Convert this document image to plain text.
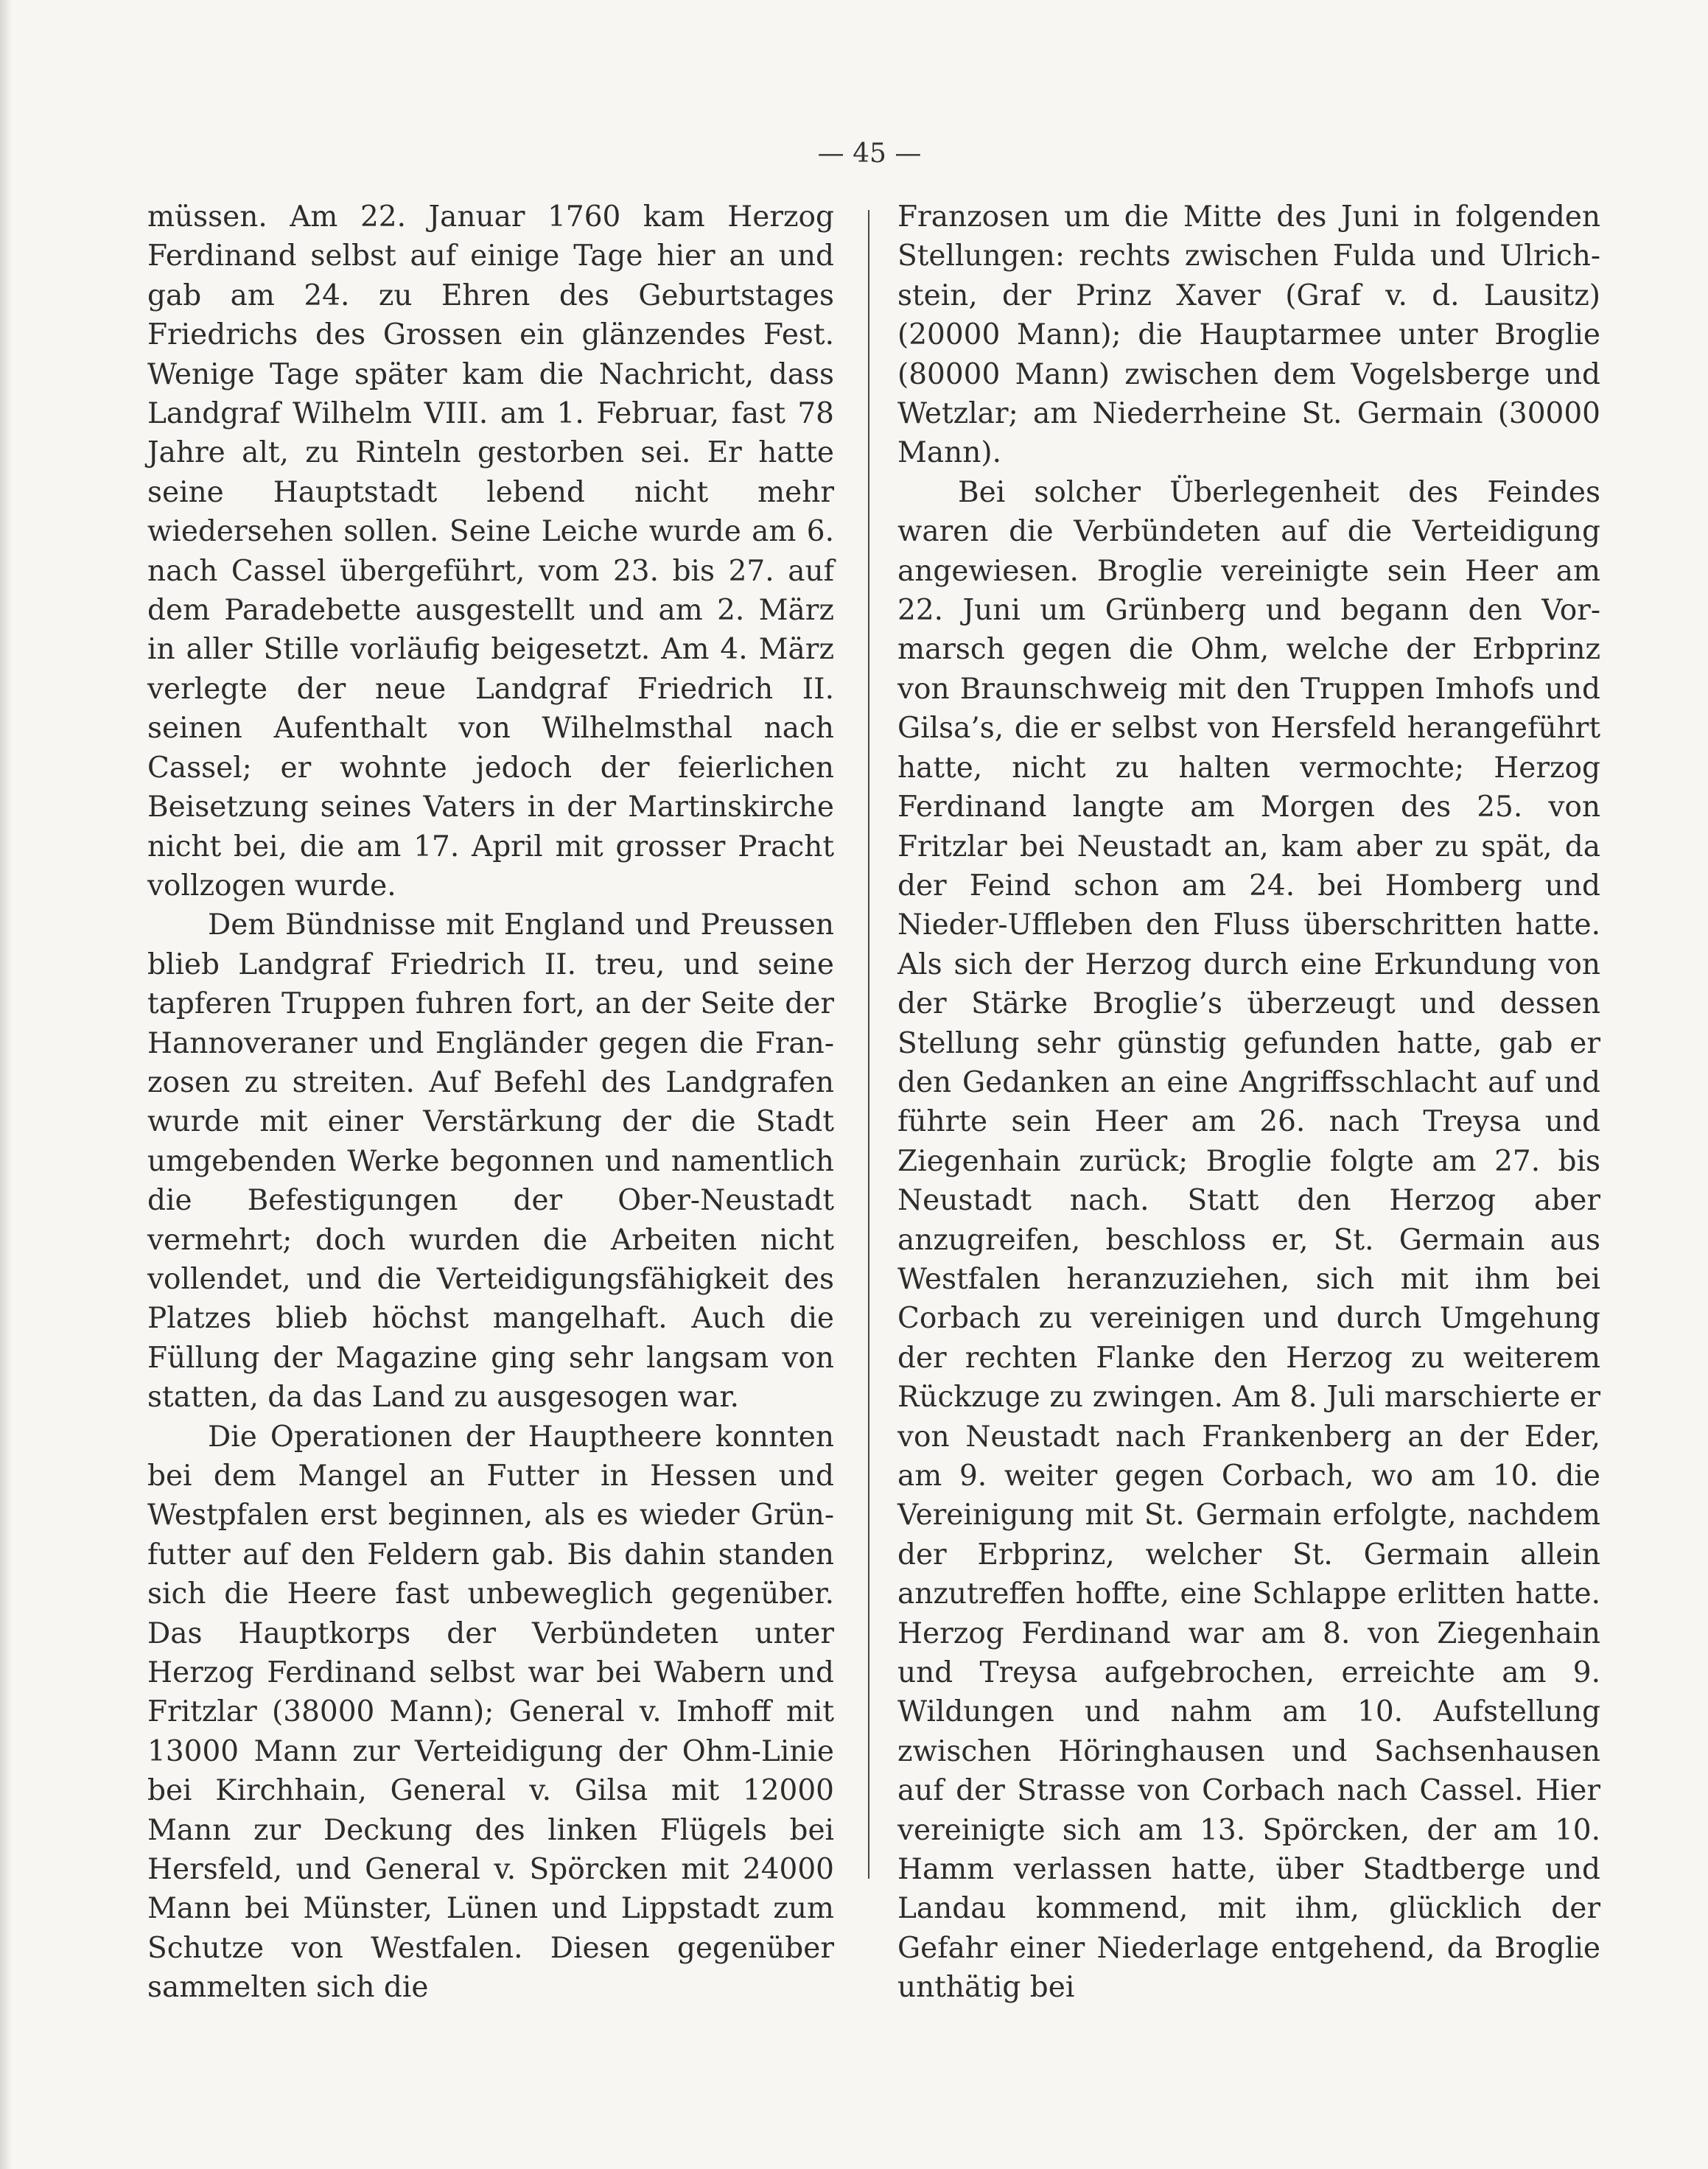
— 45 —

müssen. Am 22. Januar 1760 kam Herzog Ferdinand selbst auf einige Tage hier an und gab am 24. zu Ehren des Geburtstages Friedrichs des Grossen ein glänzendes Fest. Wenige Tage später kam die Nachricht, dass Landgraf Wilhelm VIII. am 1. Februar, fast 78 Jahre alt, zu Rinteln gestorben sei. Er hatte seine Hauptstadt lebend nicht mehr wiedersehen sollen. Seine Leiche wurde am 6. nach Cassel übergeführt, vom 23. bis 27. auf dem Paradebette ausgestellt und am 2. März in aller Stille vorläufig beigesetzt. Am 4. März verlegte der neue Landgraf Friedrich II. seinen Aufenthalt von Wilhelmsthal nach Cassel; er wohnte jedoch der feierlichen Beisetzung seines Vaters in der Martinskirche nicht bei, die am 17. April mit grosser Pracht vollzogen wurde.

Dem Bündnisse mit England und Preussen blieb Landgraf Friedrich II. treu, und seine tapferen Truppen fuhren fort, an der Seite der Hannoveraner und Engländer gegen die Franzosen zu streiten. Auf Befehl des Landgrafen wurde mit einer Verstärkung der die Stadt umgebenden Werke begonnen und namentlich die Befestigungen der Ober-Neustadt vermehrt; doch wurden die Arbeiten nicht vollendet, und die Verteidigungsfähigkeit des Platzes blieb höchst mangelhaft. Auch die Füllung der Magazine ging sehr langsam von statten, da das Land zu ausgesogen war.

Die Operationen der Hauptheere konnten bei dem Mangel an Futter in Hessen und Westpfalen erst beginnen, als es wieder Grünfutter auf den Feldern gab. Bis dahin standen sich die Heere fast unbeweglich gegenüber. Das Hauptkorps der Verbündeten unter Herzog Ferdinand selbst war bei Wabern und Fritzlar (38000 Mann); General v. Imhoff mit 13000 Mann zur Verteidigung der Ohm-Linie bei Kirchhain, General v. Gilsa mit 12000 Mann zur Deckung des linken Flügels bei Hersfeld, und General v. Spörcken mit 24000 Mann bei Münster, Lünen und Lippstadt zum Schutze von Westfalen. Diesen gegenüber sammelten sich die

Franzosen um die Mitte des Juni in folgenden Stellungen: rechts zwischen Fulda und Ulrichstein, der Prinz Xaver (Graf v. d. Lausitz) (20000 Mann); die Hauptarmee unter Broglie (80000 Mann) zwischen dem Vogelsberge und Wetzlar; am Niederrheine St. Germain (30000 Mann).

Bei solcher Überlegenheit des Feindes waren die Verbündeten auf die Verteidigung angewiesen. Broglie vereinigte sein Heer am 22. Juni um Grünberg und begann den Vormarsch gegen die Ohm, welche der Erbprinz von Braunschweig mit den Truppen Imhofs und Gilsa’s, die er selbst von Hersfeld herangeführt hatte, nicht zu halten vermochte; Herzog Ferdinand langte am Morgen des 25. von Fritzlar bei Neustadt an, kam aber zu spät, da der Feind schon am 24. bei Homberg und Nieder-Uffleben den Fluss überschritten hatte. Als sich der Herzog durch eine Erkundung von der Stärke Broglie’s überzeugt und dessen Stellung sehr günstig gefunden hatte, gab er den Gedanken an eine Angriffsschlacht auf und führte sein Heer am 26. nach Treysa und Ziegenhain zurück; Broglie folgte am 27. bis Neustadt nach. Statt den Herzog aber anzugreifen, beschloss er, St. Germain aus Westfalen heranzuziehen, sich mit ihm bei Corbach zu vereinigen und durch Umgehung der rechten Flanke den Herzog zu weiterem Rückzuge zu zwingen. Am 8. Juli marschierte er von Neustadt nach Frankenberg an der Eder, am 9. weiter gegen Corbach, wo am 10. die Vereinigung mit St. Germain erfolgte, nachdem der Erbprinz, welcher St. Germain allein anzutreffen hoffte, eine Schlappe erlitten hatte. Herzog Ferdinand war am 8. von Ziegenhain und Treysa aufgebrochen, erreichte am 9. Wildungen und nahm am 10. Aufstellung zwischen Höringhausen und Sachsenhausen auf der Strasse von Corbach nach Cassel. Hier vereinigte sich am 13. Spörcken, der am 10. Hamm verlassen hatte, über Stadtberge und Landau kommend, mit ihm, glücklich der Gefahr einer Niederlage entgehend, da Broglie unthätig bei
